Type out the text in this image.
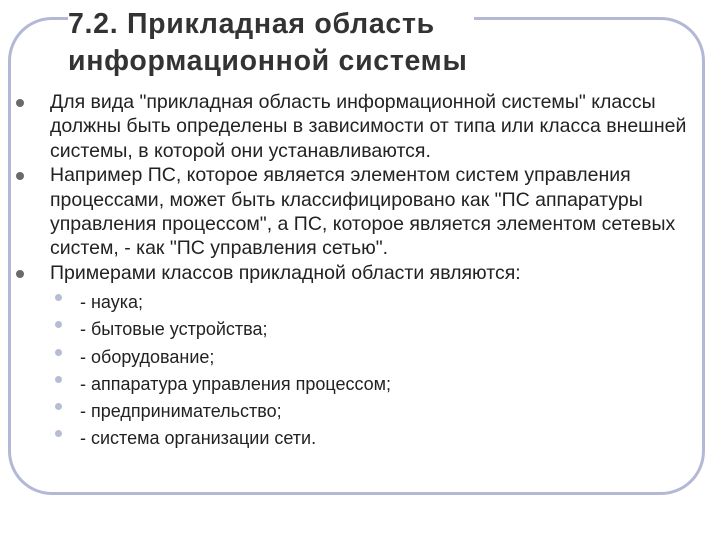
7.2. Прикладная область
информационной системы
Для вида "прикладная область информационной системы" классы должны быть определены в зависимости от типа или класса внешней системы, в которой они устанавливаются.
Например ПС, которое является элементом систем управления процессами, может быть классифицировано как "ПС аппаратуры управления процессом", а ПС, которое является элементом сетевых систем, - как "ПС управления сетью".
Примерами классов прикладной области являются:
- наука;
- бытовые устройства;
- оборудование;
- аппаратура управления процессом;
- предпринимательство;
- система организации сети.
